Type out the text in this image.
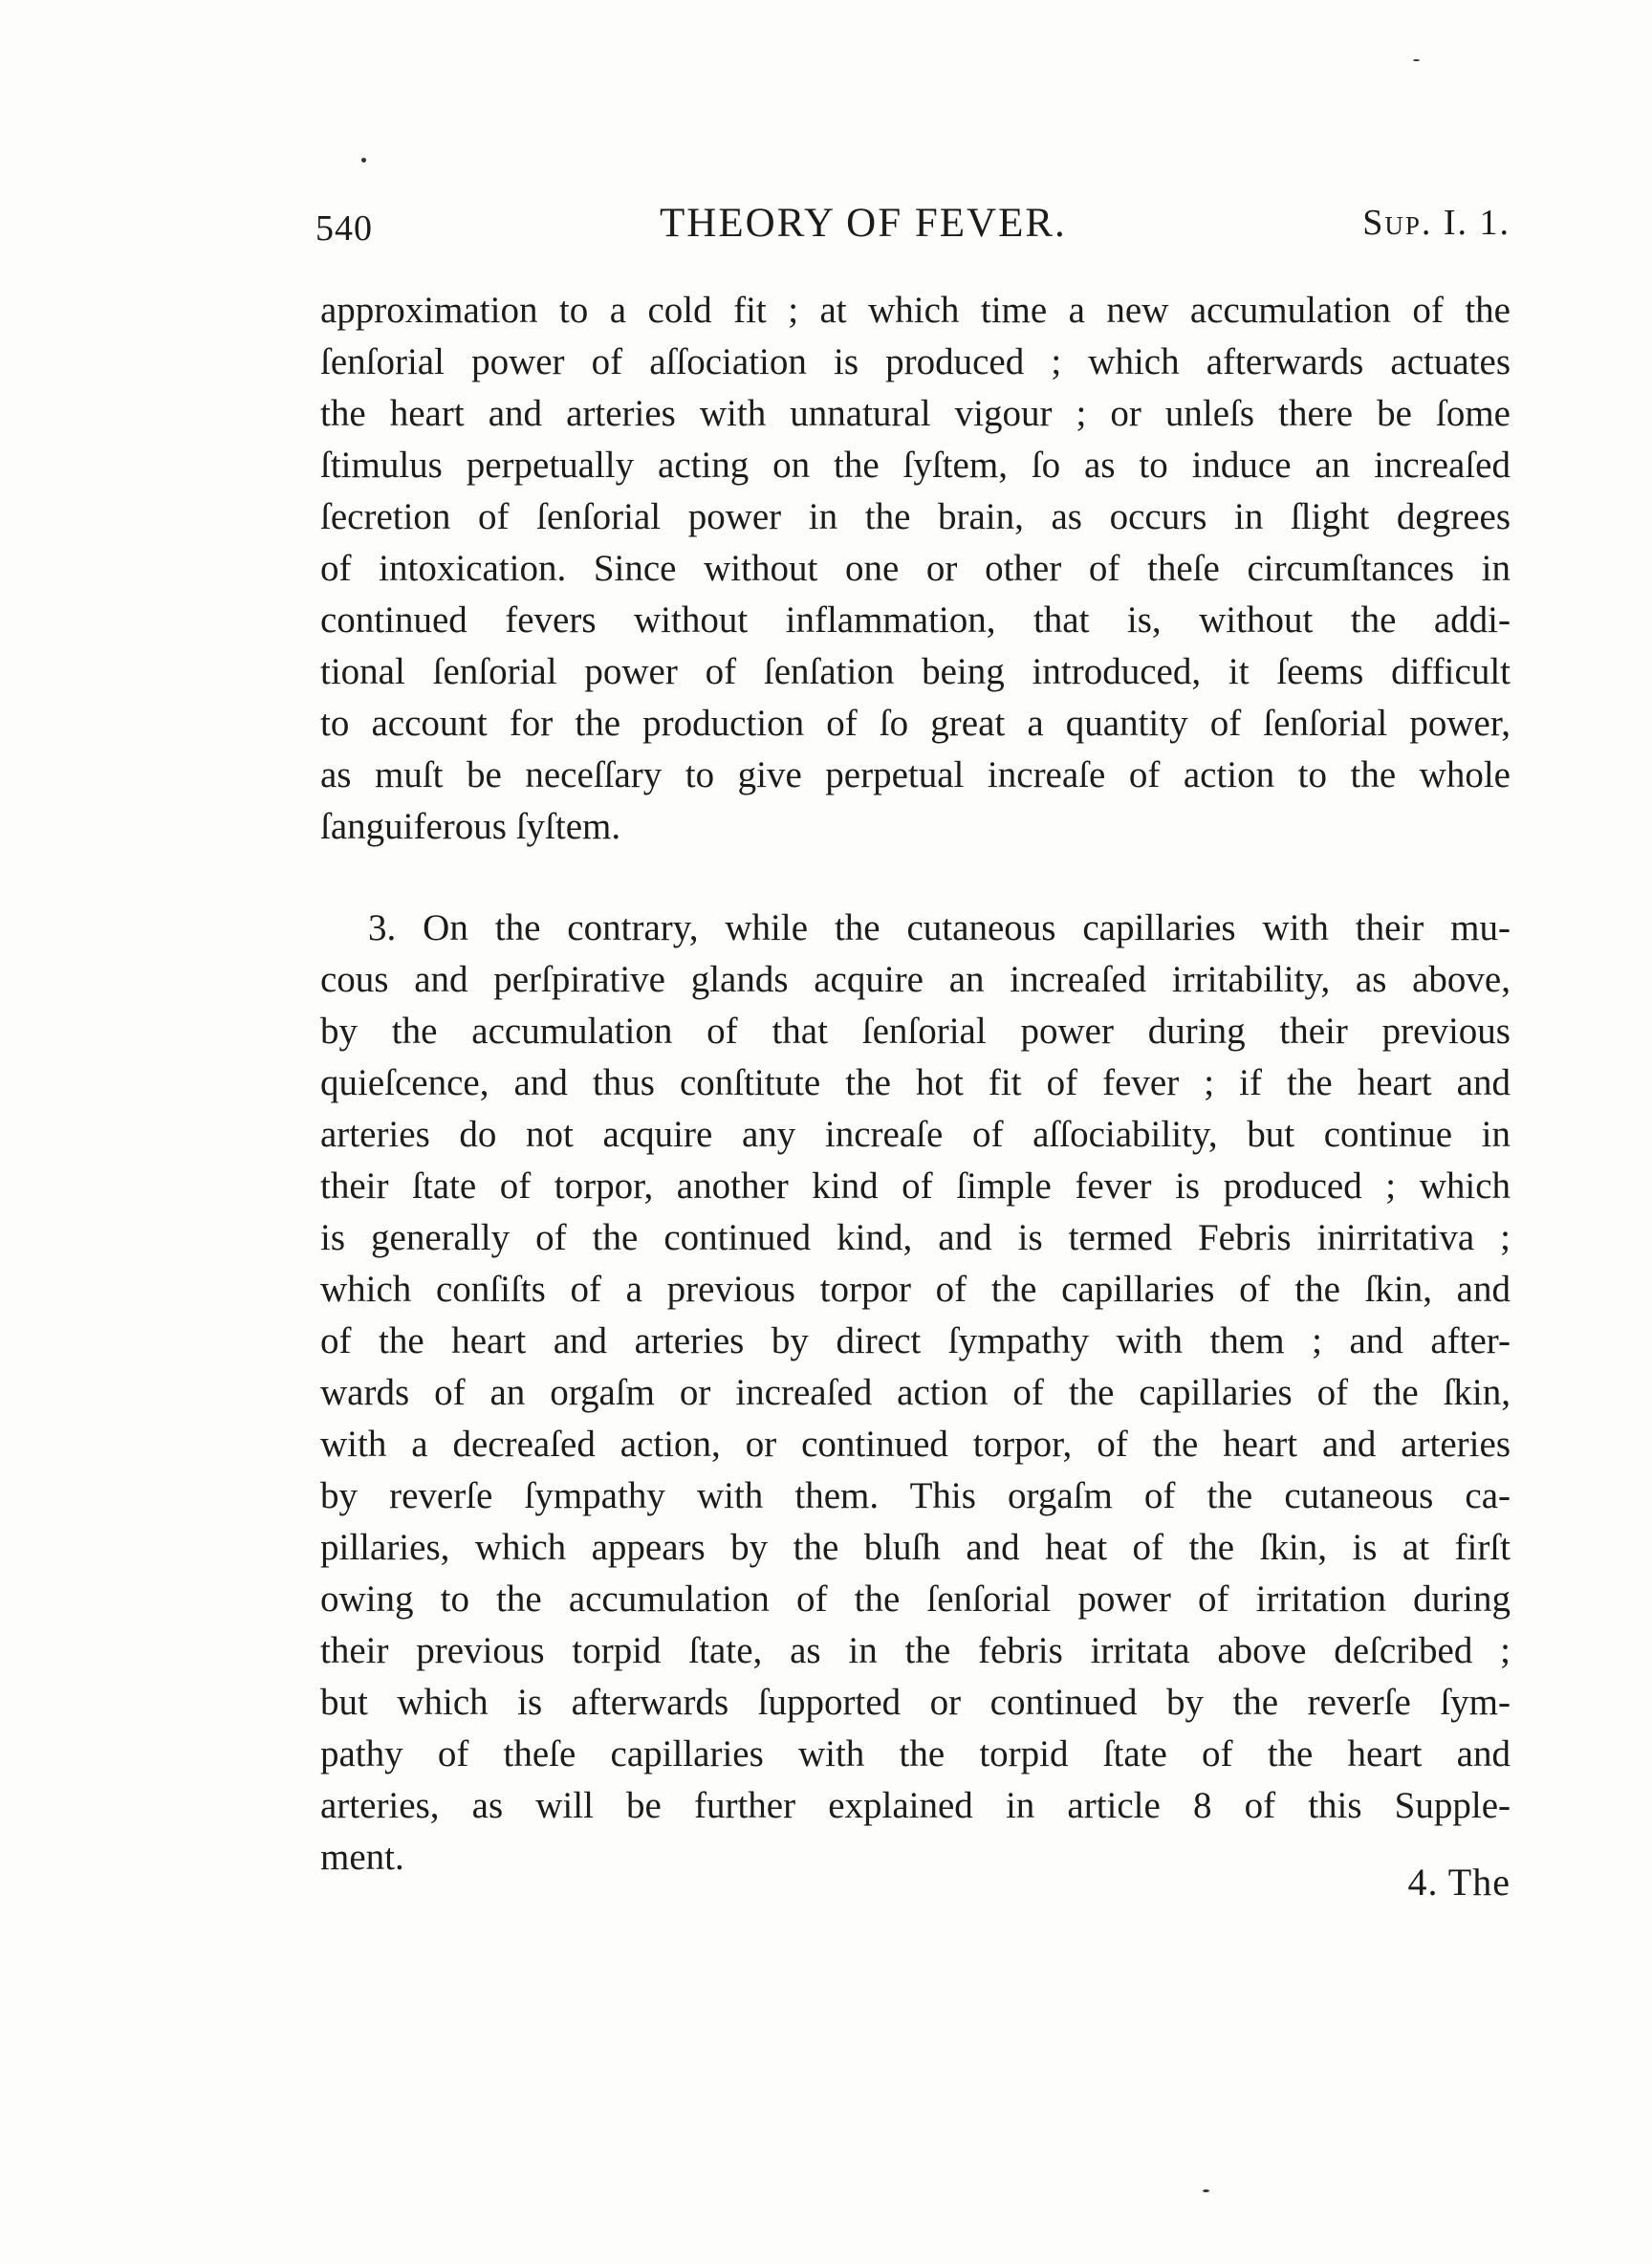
540	THEORY OF FEVER.	Sup. I. 1.
approximation to a cold fit ; at which time a new accumulation of the
ſenſorial power of aſſociation is produced ; which afterwards actuates
the heart and arteries with unnatural vigour ; or unleſs there be ſome
ſtimulus perpetually acting on the ſyſtem, ſo as to induce an increaſed
ſecretion of ſenſorial power in the brain, as occurs in ſlight degrees
of intoxication. Since without one or other of theſe circumſtances in
continued fevers without inflammation, that is, without the addi-
tional ſenſorial power of ſenſation being introduced, it ſeems difficult
to account for the production of ſo great a quantity of ſenſorial power,
as muſt be neceſſary to give perpetual increaſe of action to the whole
ſanguiferous ſyſtem.
3. On the contrary, while the cutaneous capillaries with their mu-
cous and perſpirative glands acquire an increaſed irritability, as above,
by the accumulation of that ſenſorial power during their previous
quieſcence, and thus conſtitute the hot fit of fever ; if the heart and
arteries do not acquire any increaſe of aſſociability, but continue in
their ſtate of torpor, another kind of ſimple fever is produced ; which
is generally of the continued kind, and is termed Febris inirritativa ;
which conſiſts of a previous torpor of the capillaries of the ſkin, and
of the heart and arteries by direct ſympathy with them ; and after-
wards of an orgaſm or increaſed action of the capillaries of the ſkin,
with a decreaſed action, or continued torpor, of the heart and arteries
by reverſe ſympathy with them. This orgaſm of the cutaneous ca-
pillaries, which appears by the bluſh and heat of the ſkin, is at firſt
owing to the accumulation of the ſenſorial power of irritation during
their previous torpid ſtate, as in the febris irritata above deſcribed ;
but which is afterwards ſupported or continued by the reverſe ſym-
pathy of theſe capillaries with the torpid ſtate of the heart and
arteries, as will be further explained in article 8 of this Supple-
ment.
4. The
